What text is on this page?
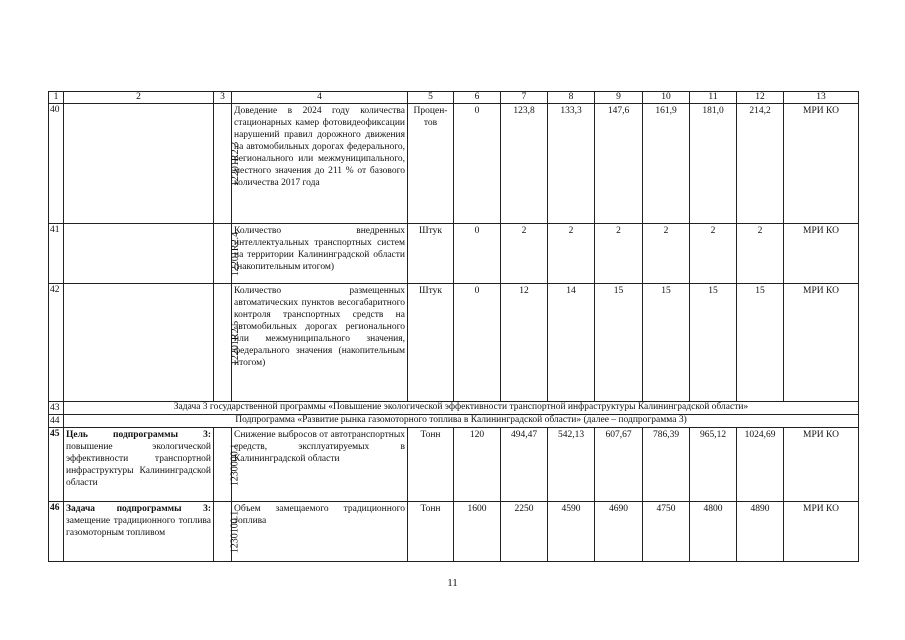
1	2	3	4	5	6	7	8	9	10	11	12	13
40		12201R2.3	Доведение в 2024 году количества стационарных камер фотовидеофиксации нарушений правил дорожного движения на автомобильных дорогах федерального, регионального или межмуниципального, местного значения до 211 % от базового количества 2017 года	Процен-тов	0	123,8	133,3	147,6	161,9	181,0	214,2	МРИ КО
41		12201R2.4	Количество внедренных интеллектуальных транспортных систем на территории Калининградской области (накопительным итогом)	Штук	0	2	2	2	2	2	2	МРИ КО
42		12201R2.5	Количество размещенных автоматических пунктов весогабаритного контроля транспортных средств на автомобильных дорогах регионального или межмуниципального значения, федерального значения (накопительным итогом)	Штук	0	12	14	15	15	15	15	МРИ КО
43	Задача 3 государственной программы «Повышение экологической эффективности транспортной инфраструктуры Калининградской области»											
44	Подпрограмма «Развитие рынка газомоторного топлива в Калининградской области» (далее – подпрограмма 3)											
45	Цель подпрограммы 3: повышение экологической эффективности транспортной инфраструктуры Калининградской области	1230000.1	Снижение выбросов от автотранспортных средств, эксплуатируемых в Калининградской области	Тонн	120	494,47	542,13	607,67	786,39	965,12	1024,69	МРИ КО
46	Задача подпрограммы 3: замещение традиционного топлива газомоторным топливом	1230100.1	Объем замещаемого традиционного топлива	Тонн	1600	2250	4590	4690	4750	4800	4890	МРИ КО
11
